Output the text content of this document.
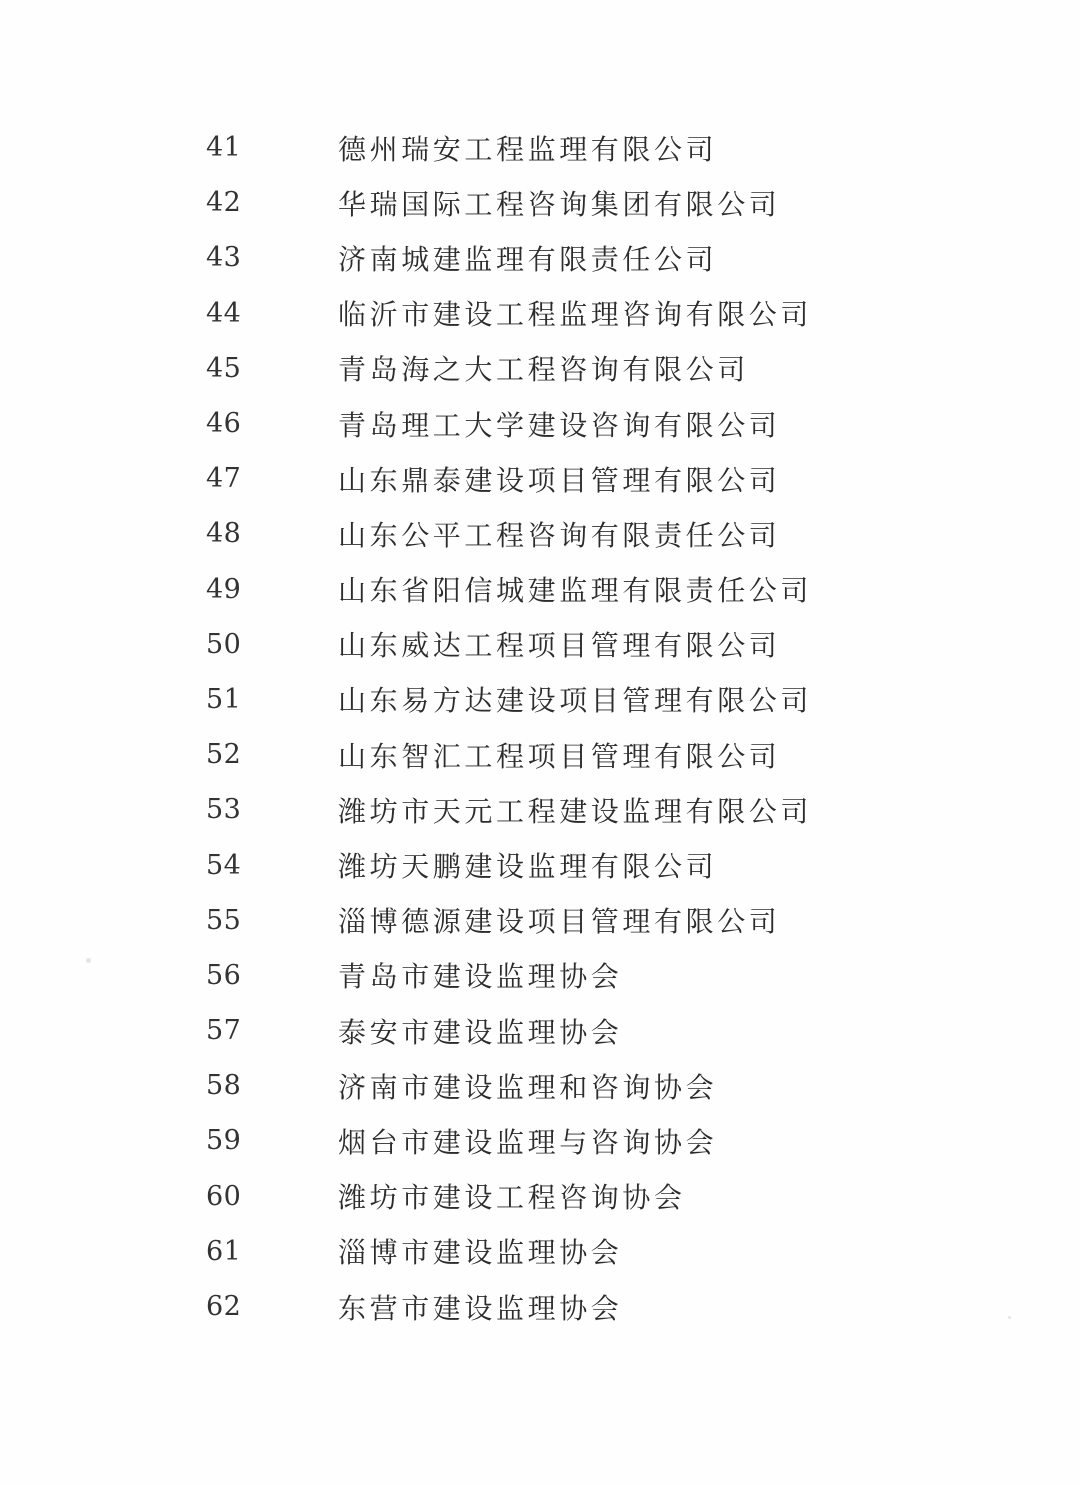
41	德州瑞安工程监理有限公司
42	华瑞国际工程咨询集团有限公司
43	济南城建监理有限责任公司
44	临沂市建设工程监理咨询有限公司
45	青岛海之大工程咨询有限公司
46	青岛理工大学建设咨询有限公司
47	山东鼎泰建设项目管理有限公司
48	山东公平工程咨询有限责任公司
49	山东省阳信城建监理有限责任公司
50	山东威达工程项目管理有限公司
51	山东易方达建设项目管理有限公司
52	山东智汇工程项目管理有限公司
53	潍坊市天元工程建设监理有限公司
54	潍坊天鹏建设监理有限公司
55	淄博德源建设项目管理有限公司
56	青岛市建设监理协会
57	泰安市建设监理协会
58	济南市建设监理和咨询协会
59	烟台市建设监理与咨询协会
60	潍坊市建设工程咨询协会
61	淄博市建设监理协会
62	东营市建设监理协会
